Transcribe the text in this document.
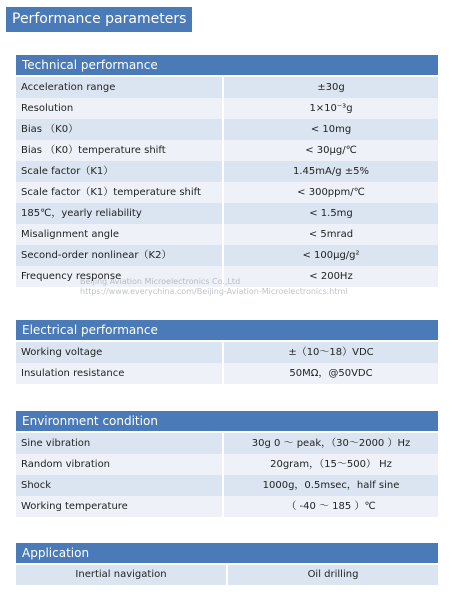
Performance parameters
Technical performance
Acceleration range	±30g
Resolution	1×10⁻³g
Bias （K0）	< 10mg
Bias （K0）temperature shift	< 30μg/℃
Scale factor（K1）	1.45mA/g ±5%
Scale factor（K1）temperature shift	< 300ppm/℃
185℃，yearly reliability	< 1.5mg
Misalignment angle	< 5mrad
Second-order nonlinear（K2）	< 100μg/g²
Frequency response	< 200Hz
Electrical performance
Working voltage	±（10～18）VDC
Insulation resistance	50MΩ，@50VDC
Environment condition
Sine vibration	30g 0 ～ peak，（30～2000 ）Hz
Random vibration	20gram，（15～500） Hz
Shock	1000g，0.5msec，half sine
Working temperature	（ -40 ～ 185 ）℃
Application
Inertial navigation	Oil drilling
Beijing Aviation Microelectronics Co.,Ltd
https://www.everychina.com/Beijing-Aviation-Microelectronics.html
